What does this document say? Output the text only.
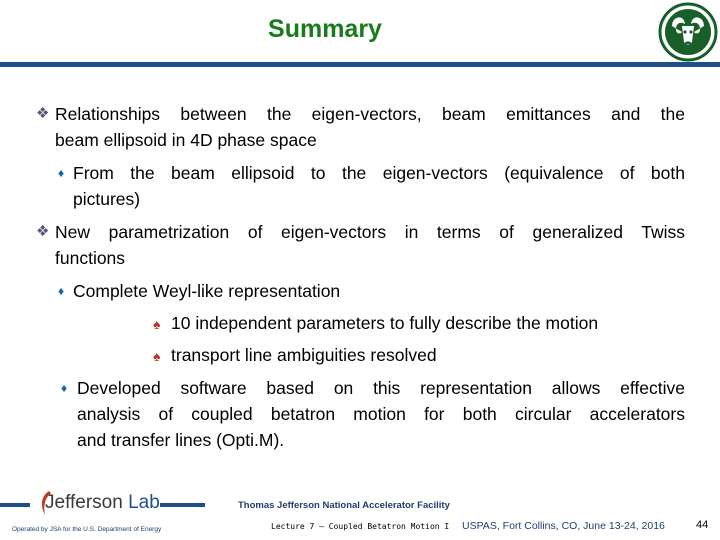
Summary
❖ Relationships between the eigen-vectors, beam emittances and the
beam ellipsoid in 4D phase space
♦ From the beam ellipsoid to the eigen-vectors (equivalence of both
pictures)
❖ New parametrization of eigen-vectors in terms of generalized Twiss
functions
♦ Complete Weyl-like representation
♠ 10 independent parameters to fully describe the motion
♠ transport line ambiguities resolved
♦ Developed software based on this representation allows effective
analysis of coupled betatron motion for both circular accelerators
and transfer lines (Opti.M).
Jefferson Lab	Thomas Jefferson National Accelerator Facility
Operated by JSA for the U.S. Department of Energy	Lecture 7 – Coupled Betatron Motion I USPAS, Fort Collins, CO, June 13-24, 2016	44
